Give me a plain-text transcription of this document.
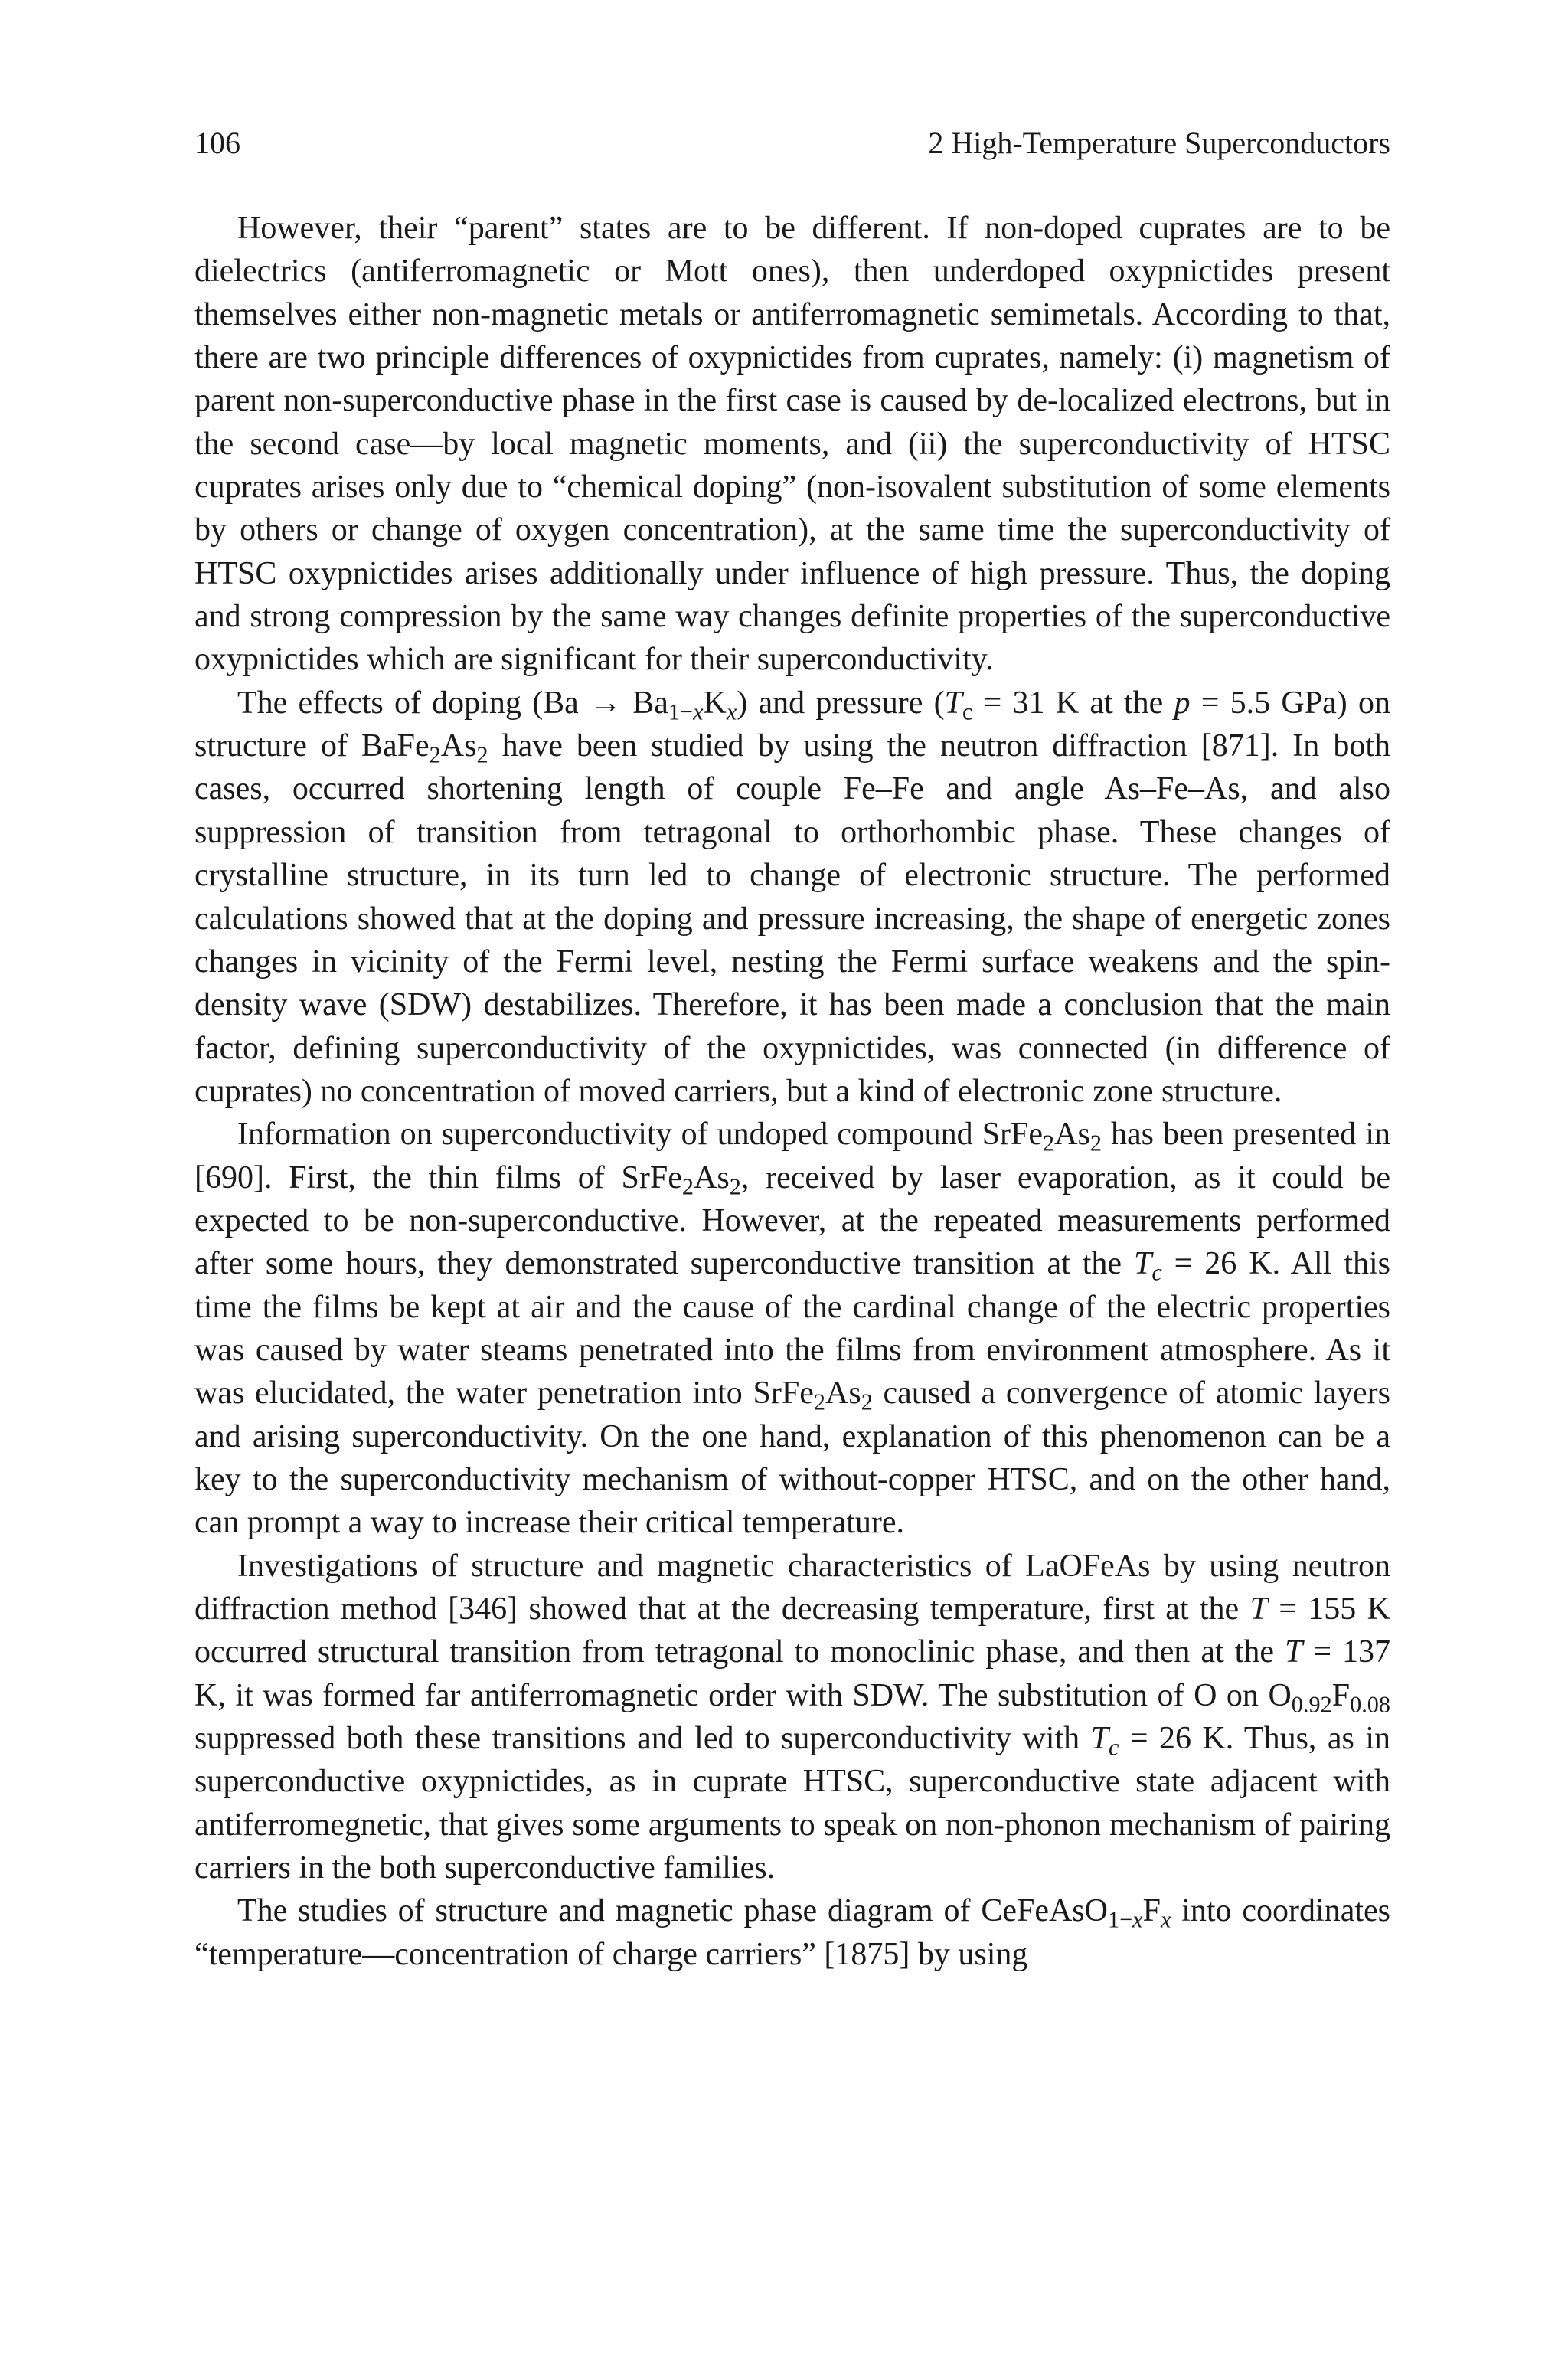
106	2 High-Temperature Superconductors

However, their “parent” states are to be different. If non-doped cuprates are to be dielectrics (antiferromagnetic or Mott ones), then underdoped oxypnictides present themselves either non-magnetic metals or antiferromagnetic semimetals. According to that, there are two principle differences of oxypnictides from cuprates, namely: (i) magnetism of parent non-superconductive phase in the first case is caused by de-localized electrons, but in the second case—by local magnetic moments, and (ii) the superconductivity of HTSC cuprates arises only due to “chemical doping” (non-isovalent substitution of some elements by others or change of oxygen concentration), at the same time the superconductivity of HTSC oxypnictides arises additionally under influence of high pressure. Thus, the doping and strong compression by the same way changes definite properties of the superconductive oxypnictides which are significant for their superconductivity.

The effects of doping $(Ba \to Ba_{1-x}K_x)$ and pressure ($T_c = 31$ K at the p = 5.5 GPa) on structure of $BaFe_2As_2$ have been studied by using the neutron diffraction [871]. In both cases, occurred shortening length of couple Fe–Fe and angle As–Fe–As, and also suppression of transition from tetragonal to orthorhombic phase. These changes of crystalline structure, in its turn led to change of electronic structure. The performed calculations showed that at the doping and pressure increasing, the shape of energetic zones changes in vicinity of the Fermi level, nesting the Fermi surface weakens and the spin-density wave (SDW) destabilizes. Therefore, it has been made a conclusion that the main factor, defining superconductivity of the oxypnictides, was connected (in difference of cuprates) no concentration of moved carriers, but a kind of electronic zone structure.

Information on superconductivity of undoped compound $SrFe_2As_2$ has been presented in [690]. First, the thin films of $SrFe_2As_2$, received by laser evaporation, as it could be expected to be non-superconductive. However, at the repeated measurements performed after some hours, they demonstrated superconductive transition at the $T_c = 26$ K. All this time the films be kept at air and the cause of the cardinal change of the electric properties was caused by water steams penetrated into the films from environment atmosphere. As it was elucidated, the water penetration into $SrFe_2As_2$ caused a convergence of atomic layers and arising superconductivity. On the one hand, explanation of this phenomenon can be a key to the superconductivity mechanism of without-copper HTSC, and on the other hand, can prompt a way to increase their critical temperature.

Investigations of structure and magnetic characteristics of LaOFeAs by using neutron diffraction method [346] showed that at the decreasing temperature, first at the T = 155 K occurred structural transition from tetragonal to monoclinic phase, and then at the T = 137 K, it was formed far antiferromagnetic order with SDW. The substitution of O on $O_{0.92}F_{0.08}$ suppressed both these transitions and led to superconductivity with $T_c = 26$ K. Thus, as in superconductive oxypnictides, as in cuprate HTSC, superconductive state adjacent with antiferromegnetic, that gives some arguments to speak on non-phonon mechanism of pairing carriers in the both superconductive families.

The studies of structure and magnetic phase diagram of $CeFeAsO_{1-x}F_x$ into coordinates “temperature—concentration of charge carriers” [1875] by using
